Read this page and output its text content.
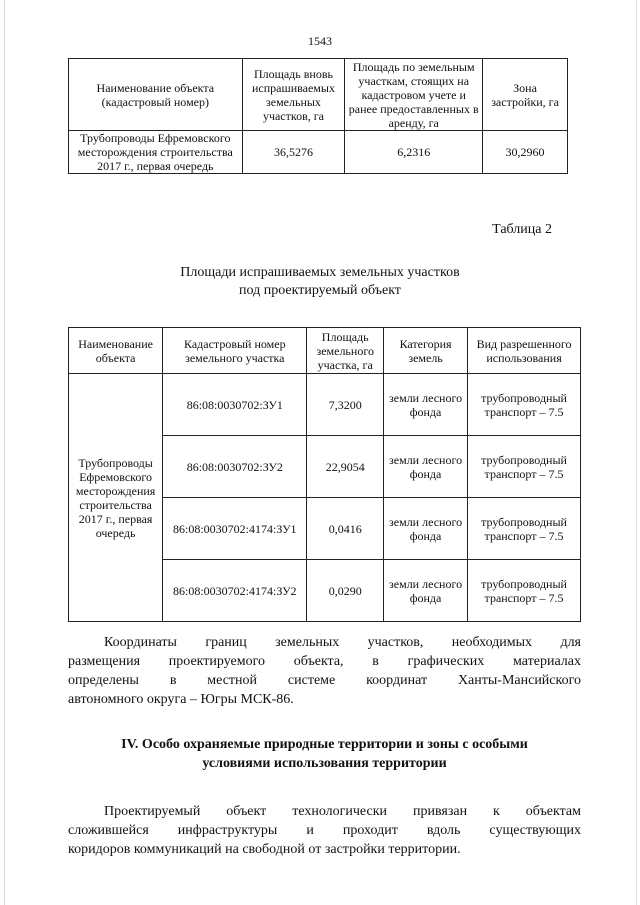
1543
Наименование объекта (кадастровый номер)	Площадь вновь испрашиваемых земельных участков, га	Площадь по земельным участкам, стоящих на кадастровом учете и ранее предоставленных в аренду, га	Зона застройки, га
Трубопроводы Ефремовского месторождения строительства 2017 г., первая очередь	36,5276	6,2316	30,2960
Таблица 2
Площади испрашиваемых земельных участков
под проектируемый объект
Наименование объекта	Кадастровый номер земельного участка	Площадь земельного участка, га	Категория земель	Вид разрешенного использования
Трубопроводы Ефремовского месторождения строительства 2017 г., первая очередь	86:08:0030702:ЗУ1	7,3200	земли лесного фонда	трубопроводный транспорт – 7.5
	86:08:0030702:ЗУ2	22,9054	земли лесного фонда	трубопроводный транспорт – 7.5
	86:08:0030702:4174:ЗУ1	0,0416	земли лесного фонда	трубопроводный транспорт – 7.5
	86:08:0030702:4174:ЗУ2	0,0290	земли лесного фонда	трубопроводный транспорт – 7.5
Координаты границ земельных участков, необходимых для
размещения проектируемого объекта, в графических материалах
определены в местной системе координат Ханты-Мансийского
автономного округа – Югры МСК-86.
IV. Особо охраняемые природные территории и зоны с особыми
условиями использования территории
Проектируемый объект технологически привязан к объектам
сложившейся инфраструктуры и проходит вдоль существующих
коридоров коммуникаций на свободной от застройки территории.
